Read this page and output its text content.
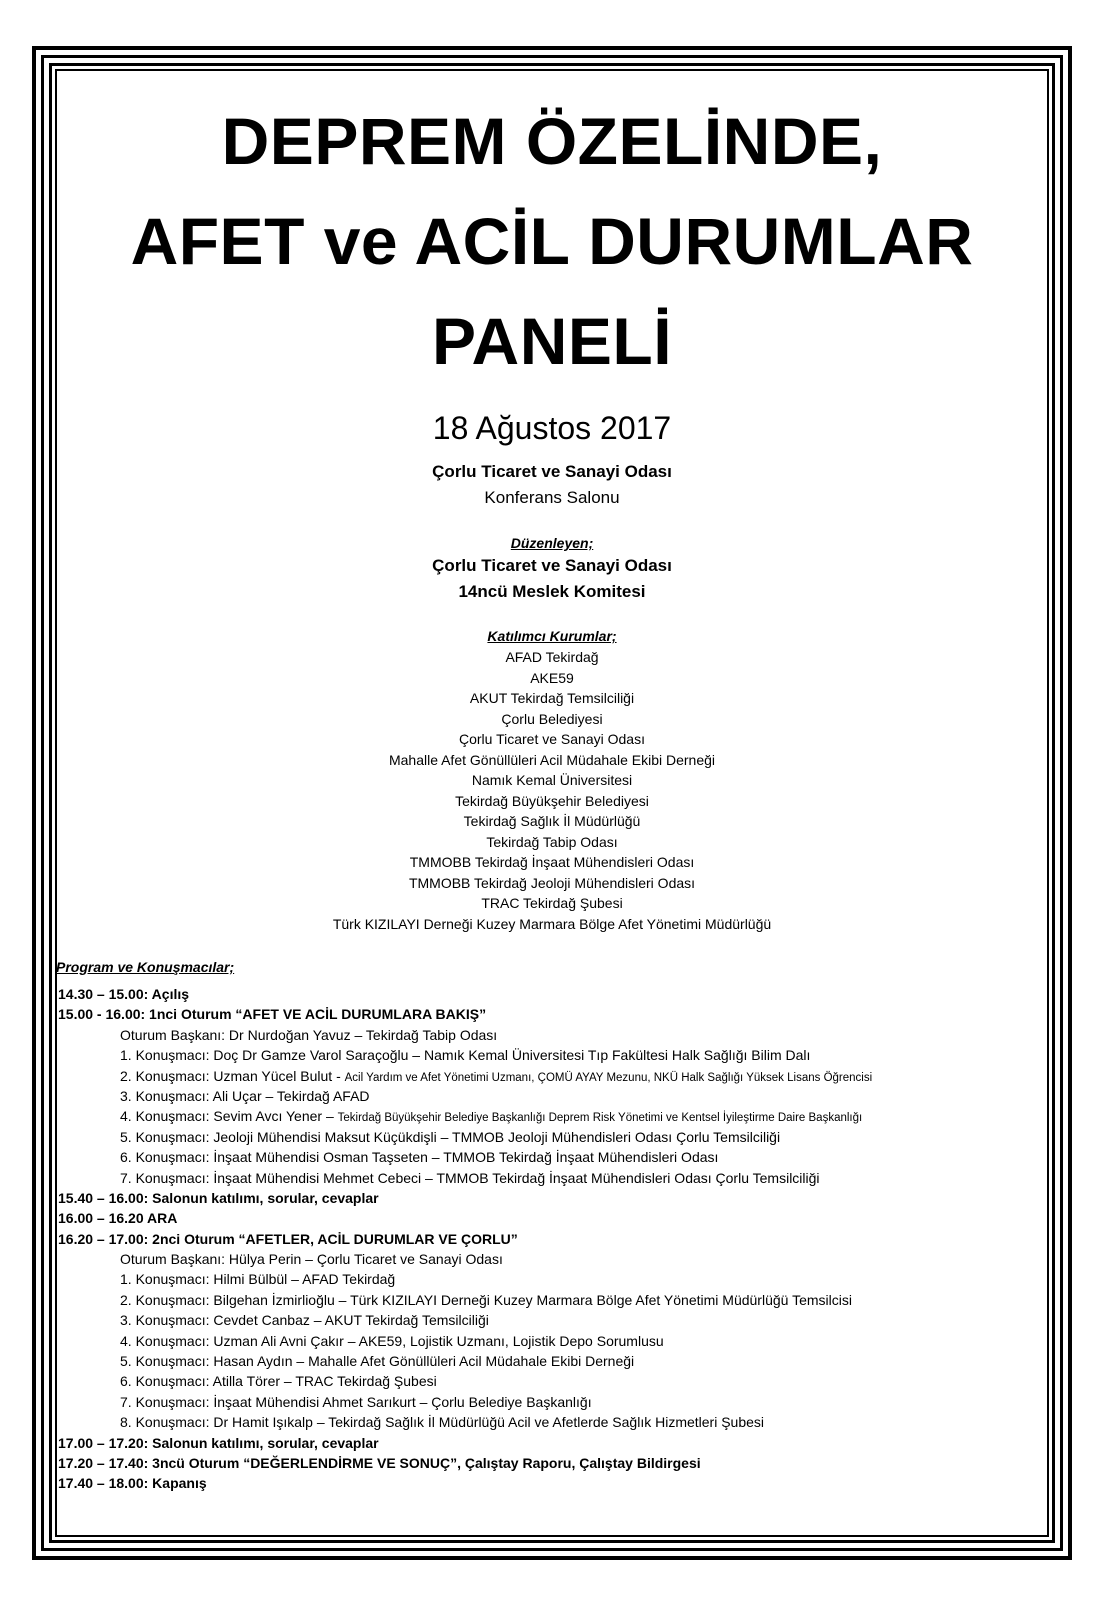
DEPREM ÖZELİNDE,
AFET ve ACİL DURUMLAR
PANELİ
18 Ağustos 2017
Çorlu Ticaret ve Sanayi Odası
Konferans Salonu
Düzenleyen;
Çorlu Ticaret ve Sanayi Odası
14ncü Meslek Komitesi
Katılımcı Kurumlar;
AFAD Tekirdağ
AKE59
AKUT Tekirdağ Temsilciliği
Çorlu Belediyesi
Çorlu Ticaret ve Sanayi Odası
Mahalle Afet Gönüllüleri Acil Müdahale Ekibi Derneği
Namık Kemal Üniversitesi
Tekirdağ Büyükşehir Belediyesi
Tekirdağ Sağlık İl Müdürlüğü
Tekirdağ Tabip Odası
TMMOBB Tekirdağ İnşaat Mühendisleri Odası
TMMOBB Tekirdağ Jeoloji Mühendisleri Odası
TRAC Tekirdağ Şubesi
Türk KIZILAYI Derneği Kuzey Marmara Bölge Afet Yönetimi Müdürlüğü
Program ve Konuşmacılar;
14.30 – 15.00: Açılış
15.00 - 16.00: 1nci Oturum “AFET VE ACİL DURUMLARA BAKIŞ”
Oturum Başkanı: Dr Nurdoğan Yavuz – Tekirdağ Tabip Odası
1. Konuşmacı: Doç Dr Gamze Varol Saraçoğlu – Namık Kemal Üniversitesi Tıp Fakültesi Halk Sağlığı Bilim Dalı
2. Konuşmacı: Uzman Yücel Bulut - Acil Yardım ve Afet Yönetimi Uzmanı, ÇOMÜ AYAY Mezunu, NKÜ Halk Sağlığı Yüksek Lisans Öğrencisi
3. Konuşmacı: Ali Uçar – Tekirdağ AFAD
4. Konuşmacı: Sevim Avcı Yener – Tekirdağ Büyükşehir Belediye Başkanlığı Deprem Risk Yönetimi ve Kentsel İyileştirme Daire Başkanlığı
5. Konuşmacı: Jeoloji Mühendisi Maksut Küçükdişli – TMMOB Jeoloji Mühendisleri Odası Çorlu Temsilciliği
6. Konuşmacı: İnşaat Mühendisi Osman Taşseten – TMMOB Tekirdağ İnşaat Mühendisleri Odası
7. Konuşmacı: İnşaat Mühendisi Mehmet Cebeci – TMMOB Tekirdağ İnşaat Mühendisleri Odası Çorlu Temsilciliği
15.40 – 16.00: Salonun katılımı, sorular, cevaplar
16.00 – 16.20 ARA
16.20 – 17.00: 2nci Oturum “AFETLER, ACİL DURUMLAR VE ÇORLU”
Oturum Başkanı: Hülya Perin – Çorlu Ticaret ve Sanayi Odası
1. Konuşmacı: Hilmi Bülbül – AFAD Tekirdağ
2. Konuşmacı: Bilgehan İzmirlioğlu – Türk KIZILAYI Derneği Kuzey Marmara Bölge Afet Yönetimi Müdürlüğü Temsilcisi
3. Konuşmacı: Cevdet Canbaz – AKUT Tekirdağ Temsilciliği
4. Konuşmacı: Uzman Ali Avni Çakır – AKE59, Lojistik Uzmanı, Lojistik Depo Sorumlusu
5. Konuşmacı: Hasan Aydın – Mahalle Afet Gönüllüleri Acil Müdahale Ekibi Derneği
6. Konuşmacı: Atilla Törer – TRAC Tekirdağ Şubesi
7. Konuşmacı: İnşaat Mühendisi Ahmet Sarıkurt – Çorlu Belediye Başkanlığı
8. Konuşmacı: Dr Hamit Işıkalp – Tekirdağ Sağlık İl Müdürlüğü Acil ve Afetlerde Sağlık Hizmetleri Şubesi
17.00 – 17.20: Salonun katılımı, sorular, cevaplar
17.20 – 17.40: 3ncü Oturum “DEĞERLENDİRME VE SONUÇ”, Çalıştay Raporu, Çalıştay Bildirgesi
17.40 – 18.00: Kapanış
